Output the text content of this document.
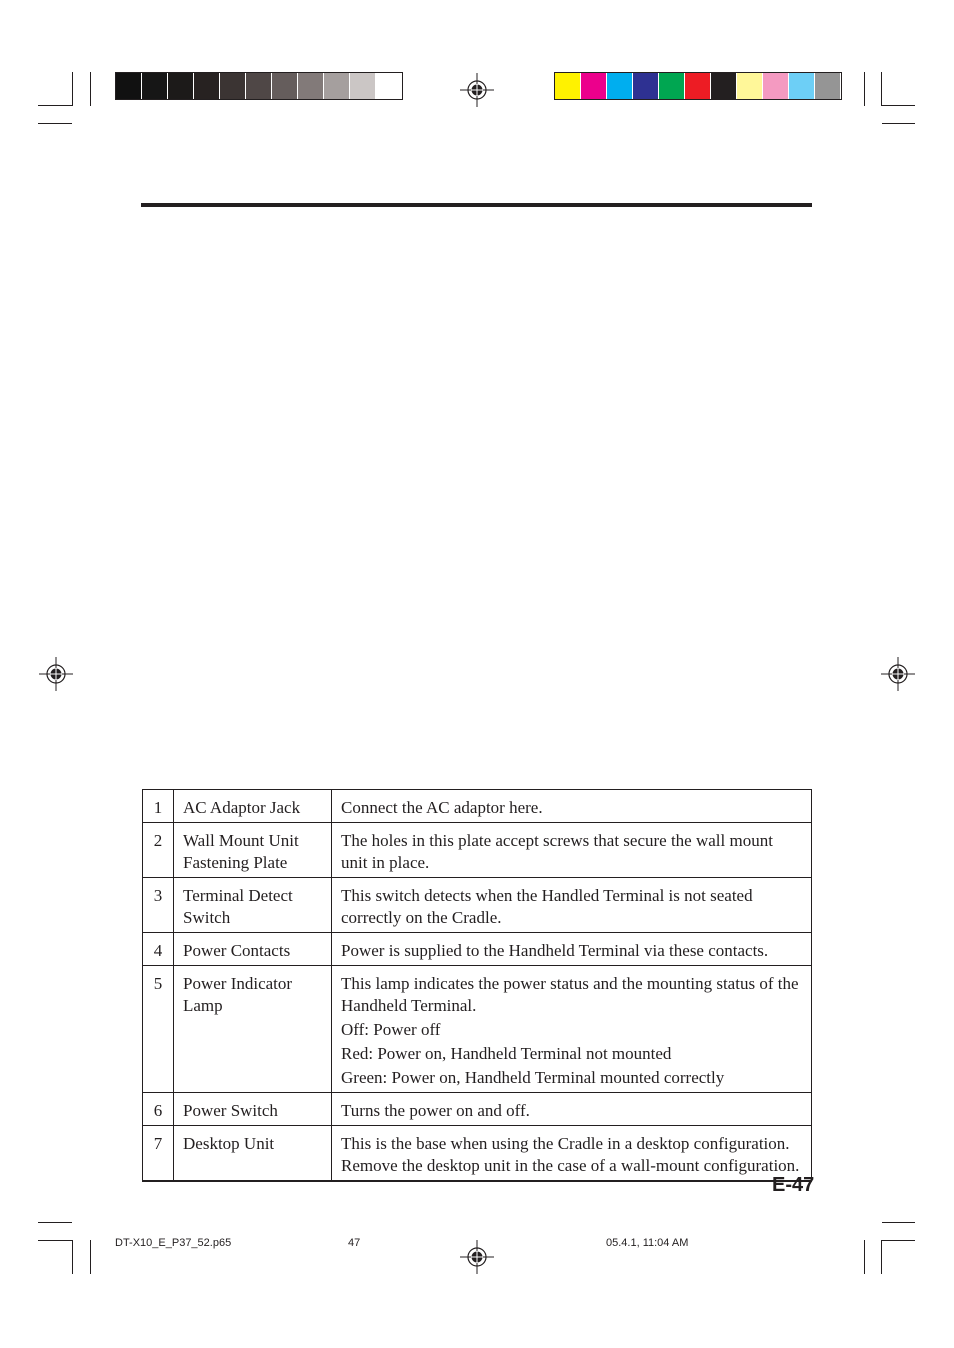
1	AC Adaptor Jack	Connect the AC adaptor here.

2	Wall Mount Unit Fastening Plate	The holes in this plate accept screws that secure the wall mount unit in place.

3	Terminal Detect Switch	This switch detects when the Handled Terminal is not seated correctly on the Cradle.

4	Power Contacts	Power is supplied to the Handheld Terminal via these contacts.

5	Power Indicator Lamp	This lamp indicates the power status and the mounting status of the Handheld Terminal.
Off: Power off
Red: Power on, Handheld Terminal not mounted
Green: Power on, Handheld Terminal mounted correctly

6	Power Switch	Turns the power on and off.

7	Desktop Unit	This is the base when using the Cradle in a desktop configuration. Remove the desktop unit in the case of a wall-mount configuration.
E-47
DT-X10_E_P37_52.p65	47	05.4.1, 11:04 AM
